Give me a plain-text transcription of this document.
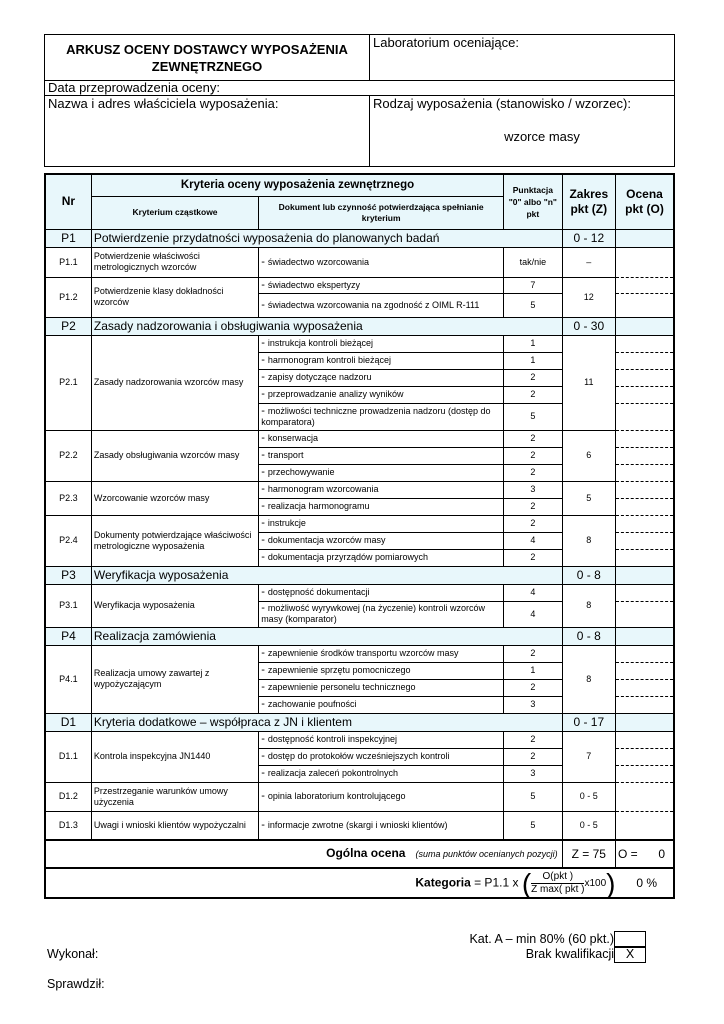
ARKUSZ OCENY DOSTAWCY WYPOSAŻENIA ZEWNĘTRZNEGO	Laboratorium oceniające:
Data przeprowadzenia oceny:	
Nazwa i adres właściciela wyposażenia:	Rodzaj wyposażenia (stanowisko / wzorzec):
wzorce masy
Nr	Kryteria oceny wyposażenia zewnętrznego		Punktacja "0" albo "n" pkt	Zakres pkt (Z)	Ocena pkt (O)
	Kryterium cząstkowe	Dokument lub czynność potwierdzająca spełnianie kryterium			
P1	Potwierdzenie przydatności wyposażenia do planowanych badań			0 - 12	
P1.1	Potwierdzenie właściwości metrologicznych wzorców	- świadectwo wzorcowania	tak/nie	–	
P1.2	Potwierdzenie klasy dokładności wzorców	- świadectwo ekspertyzy	7	12	
		- świadectwa wzorcowania na zgodność z OIML R-111	5		
P2	Zasady nadzorowania i obsługiwania wyposażenia			0 - 30	
P2.1	Zasady nadzorowania wzorców masy	- instrukcja kontroli bieżącej	1	11	
		- harmonogram kontroli bieżącej	1		
		- zapisy dotyczące nadzoru	2		
		- przeprowadzanie analizy wyników	2		
		- możliwości techniczne prowadzenia nadzoru (dostęp do komparatora)	5		
P2.2	Zasady obsługiwania wzorców masy	- konserwacja	2	6	
		- transport	2		
		- przechowywanie	2		
P2.3	Wzorcowanie wzorców masy	- harmonogram wzorcowania	3	5	
		- realizacja harmonogramu	2		
P2.4	Dokumenty potwierdzające właściwości metrologiczne wyposażenia	- instrukcje	2	8	
		- dokumentacja wzorców masy	4		
		- dokumentacja przyrządów pomiarowych	2		
P3	Weryfikacja wyposażenia			0 - 8	
P3.1	Weryfikacja wyposażenia	- dostępność dokumentacji	4	8	
		- możliwość wyrywkowej (na życzenie) kontroli wzorców masy (komparator)	4		
P4	Realizacja zamówienia			0 - 8	
P4.1	Realizacja umowy zawartej z wypożyczającym	- zapewnienie środków transportu wzorców masy	2	8	
		- zapewnienie sprzętu pomocniczego	1		
		- zapewnienie personelu technicznego	2		
		- zachowanie poufności	3		
D1	Kryteria dodatkowe – współpraca z JN i klientem			0 - 17	
D1.1	Kontrola inspekcyjna JN1440	- dostępność kontroli inspekcyjnej	2	7	
		- dostęp do protokołów wcześniejszych kontroli	2		
		- realizacja zaleceń pokontrolnych	3		
D1.2	Przestrzeganie warunków umowy użyczenia	- opinia laboratorium kontrolującego	5	0 - 5	
D1.3	Uwagi i wnioski klientów wypożyczalni	- informacje zwrotne (skargi i wnioski klientów)	5	0 - 5	
Ogólna ocena (suma punktów ocenianych pozycji)				Z = 75	O = 0

Kategoria = P1.1 x ( $\frac{\text{O(pkt )}}{\text{Z max( pkt )}} x100$)					0 %
Kat. A – min 80% (60 pkt.)
Brak kwalifikacji X
Wykonał:
Sprawdził:
